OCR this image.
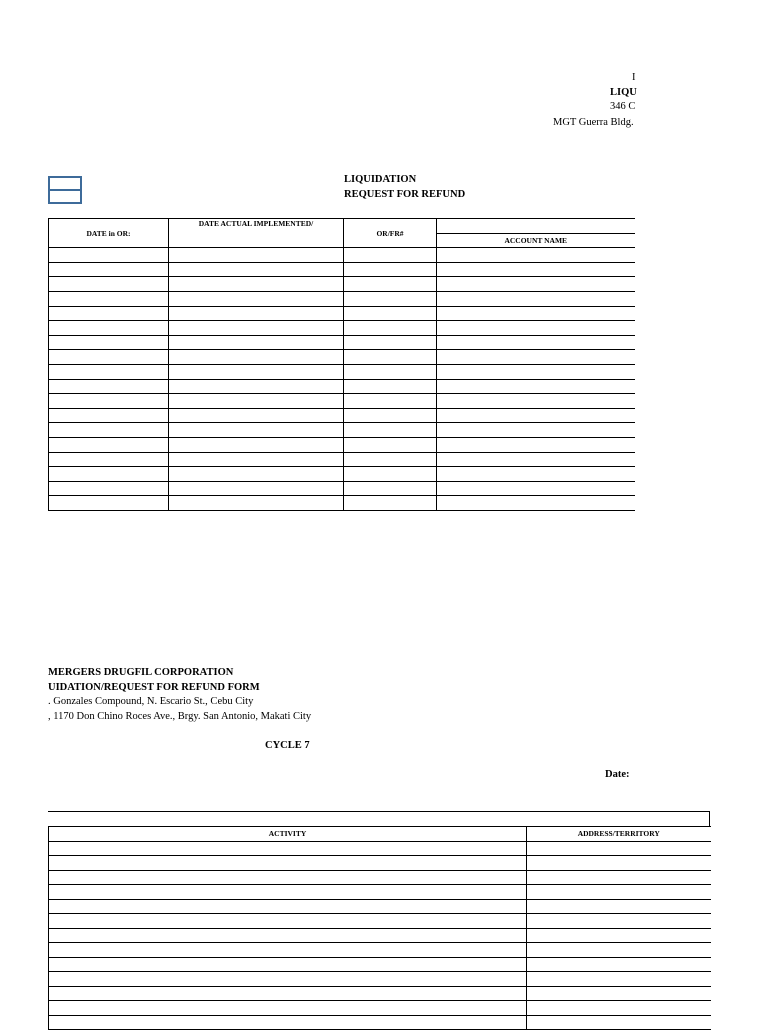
I
LIQU
346 C
MGT Guerra Bldg.
LIQUIDATION
REQUEST FOR REFUND
DATE in OR:	DATE ACTUAL IMPLEMENTED/	OR/FR#	
			ACCOUNT NAME

MERGERS DRUGFIL CORPORATION
UIDATION/REQUEST FOR REFUND FORM
. Gonzales Compound, N. Escario St., Cebu City
, 1170 Don Chino Roces Ave., Brgy. San Antonio, Makati City
CYCLE 7
Date:
ACTIVITY	ADDRESS/TERRITORY
